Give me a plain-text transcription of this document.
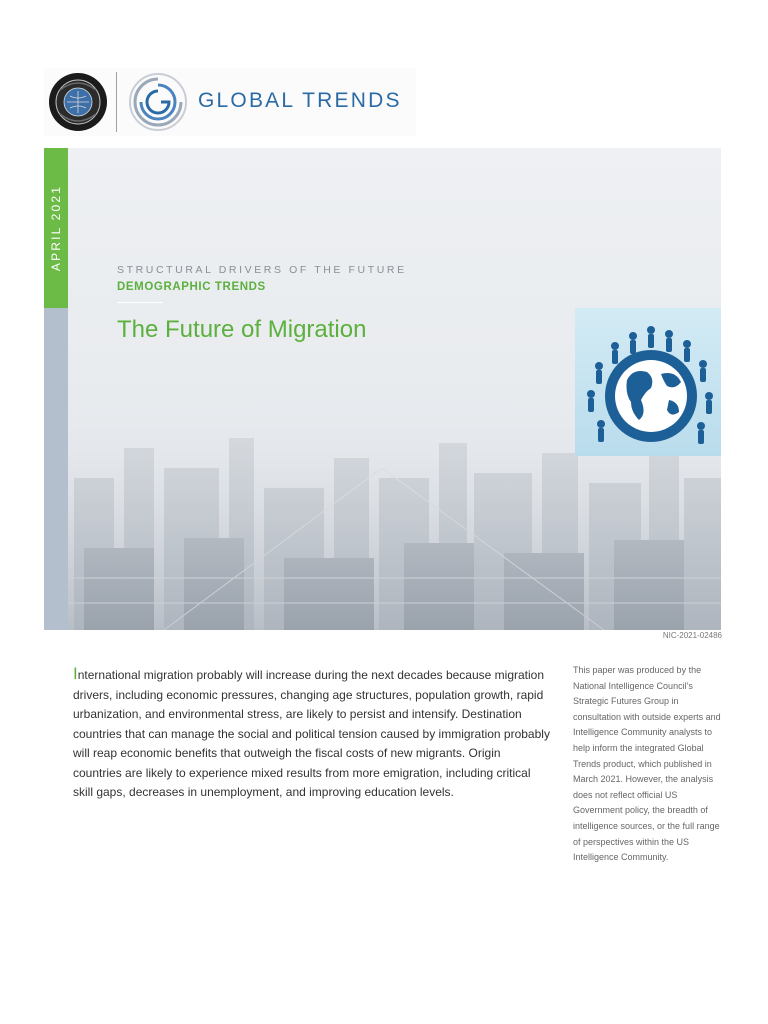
GLOBAL TRENDS
APRIL 2021	STRUCTURAL DRIVERS OF THE FUTURE
DEMOGRAPHIC TRENDS
The Future of Migration
NIC-2021-02486
International migration probably will increase during the next decades because migration drivers, including economic pressures, changing age structures, population growth, rapid urbanization, and environmental stress, are likely to persist and intensify. Destination countries that can manage the social and political tension caused by immigration probably will reap economic benefits that outweigh the fiscal costs of new migrants. Origin countries are likely to experience mixed results from more emigration, including critical skill gaps, decreases in unemployment, and improving education levels.
This paper was produced by the National Intelligence Council’s Strategic Futures Group in consultation with outside experts and Intelligence Community analysts to help inform the integrated Global Trends product, which published in March 2021. However, the analysis does not reflect official US Government policy, the breadth of intelligence sources, or the full range of perspectives within the US Intelligence Community.
